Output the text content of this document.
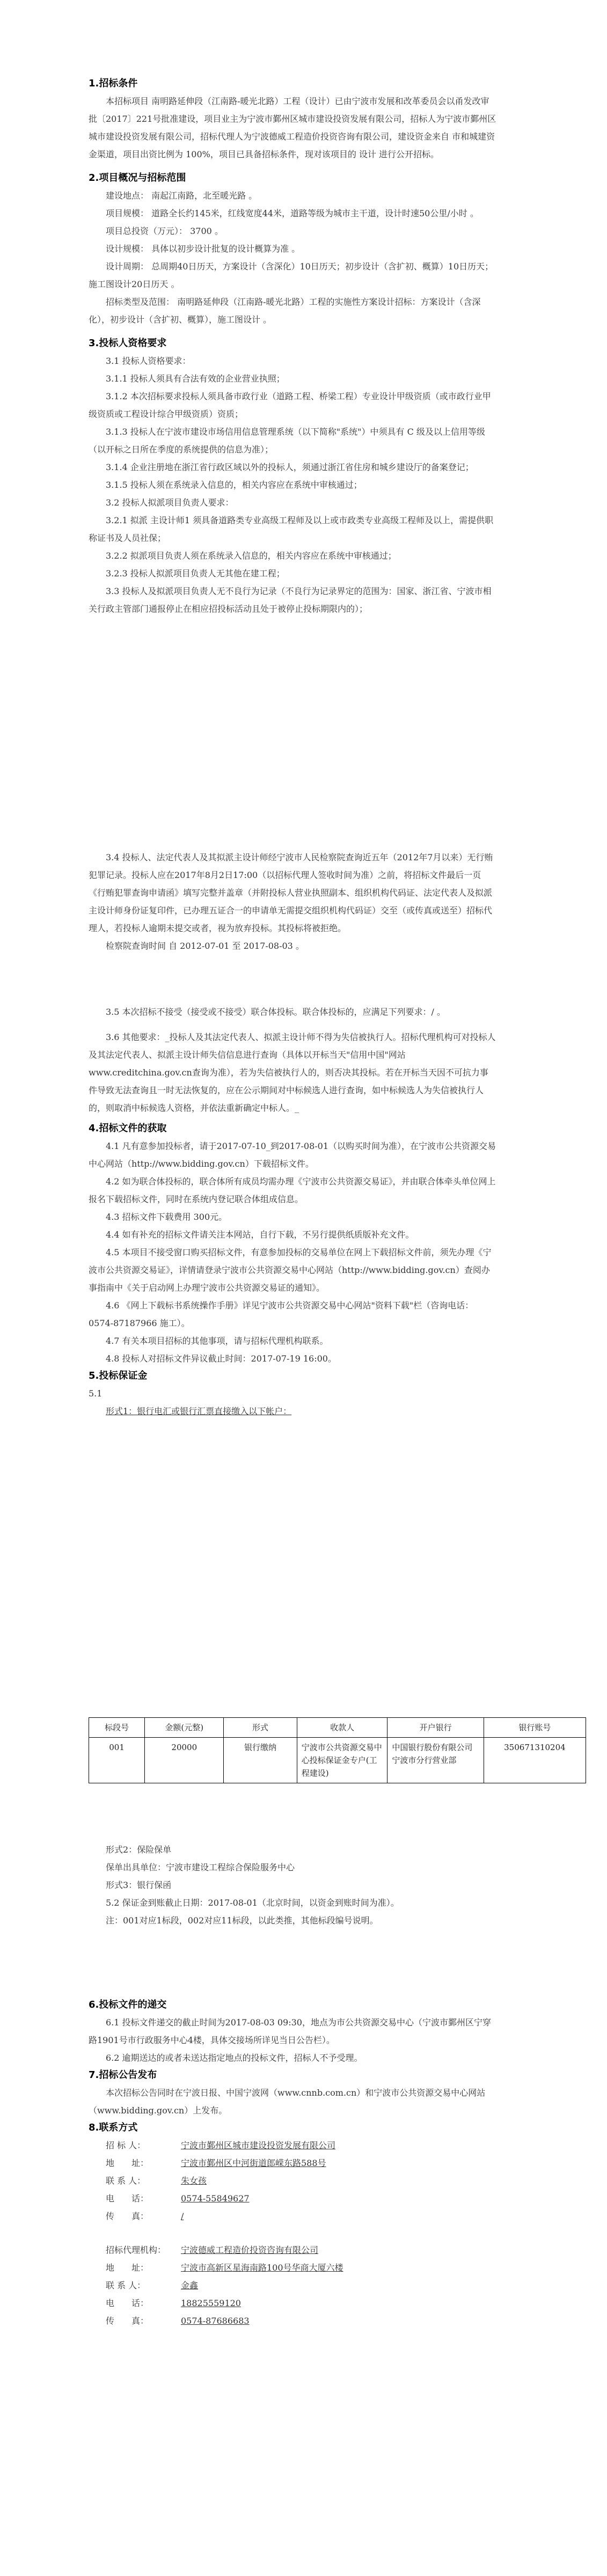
1.招标条件

本招标项目 南明路延伸段（江南路-暖光北路）工程（设计）已由宁波市发展和改革委员会以甬发改审批〔2017〕221号批准建设，项目业主为宁波市鄞州区城市建设投资发展有限公司，招标人为宁波市鄞州区城市建设投资发展有限公司，招标代理人为宁波德威工程造价投资咨询有限公司，建设资金来自 市和城建资金渠道，项目出资比例为 100%，项目已具备招标条件，现对该项目的 设计 进行公开招标。

2.项目概况与招标范围

建设地点： 南起江南路，北至暖光路 。

项目规模： 道路全长约145米，红线宽度44米，道路等级为城市主干道，设计时速50公里/小时 。

项目总投资（万元）： 3700 。

设计规模： 具体以初步设计批复的设计概算为准 。

设计周期： 总周期40日历天，方案设计（含深化）10日历天；初步设计（含扩初、概算）10日历天；施工图设计20日历天 。

招标类型及范围： 南明路延伸段（江南路-暖光北路）工程的实施性方案设计招标：方案设计（含深化），初步设计（含扩初、概算），施工图设计 。

3.投标人资格要求

3.1 投标人资格要求：

3.1.1 投标人须具有合法有效的企业营业执照；

3.1.2 本次招标要求投标人须具备市政行业（道路工程、桥梁工程）专业设计甲级资质（或市政行业甲级资质或工程设计综合甲级资质）资质；

3.1.3 投标人在宁波市建设市场信用信息管理系统（以下简称"系统"）中须具有 C 级及以上信用等级（以开标之日所在季度的系统提供的信息为准）；

3.1.4 企业注册地在浙江省行政区域以外的投标人，须通过浙江省住房和城乡建设厅的备案登记；

3.1.5 投标人须在系统录入信息的，相关内容应在系统中审核通过；

3.2 投标人拟派项目负责人要求：

3.2.1 拟派 主设计师1 须具备道路类专业高级工程师及以上或市政类专业高级工程师及以上，需提供职称证书及人员社保；

3.2.2 拟派项目负责人须在系统录入信息的，相关内容应在系统中审核通过；

3.2.3 投标人拟派项目负责人无其他在建工程；

3.3 投标人及拟派项目负责人无不良行为记录（不良行为记录界定的范围为：国家、浙江省、宁波市相关行政主管部门通报停止在相应招投标活动且处于被停止投标期限内的）；

3.4 投标人、法定代表人及其拟派主设计师经宁波市人民检察院查询近五年（2012年7月以来）无行贿犯罪记录。投标人应在2017年8月2日17:00（以招标代理人签收时间为准）之前，将招标文件最后一页《行贿犯罪查询申请函》填写完整并盖章（并附投标人营业执照副本、组织机构代码证、法定代表人及拟派主设计师身份证复印件，已办理五证合一的申请单无需提交组织机构代码证）交至（或传真或送至）招标代理人，若投标人逾期未提交或者，视为放弃投标。其投标将被拒绝。

检察院查询时间 自 2012-07-01 至 2017-08-03 。

3.5 本次招标不接受（接受或不接受）联合体投标。联合体投标的，应满足下列要求：/ 。

3.6 其他要求：_投标人及其法定代表人、拟派主设计师不得为失信被执行人。招标代理机构可对投标人及其法定代表人、拟派主设计师失信信息进行查询（具体以开标当天"信用中国"网站www.creditchina.gov.cn查询为准），若为失信被执行人的，则否决其投标。若在开标当天因不可抗力事件导致无法查询且一时无法恢复的，应在公示期间对中标候选人进行查询，如中标候选人为失信被执行人的，则取消中标候选人资格，并依法重新确定中标人。_

4.招标文件的获取

4.1 凡有意参加投标者，请于2017-07-10_到2017-08-01（以购买时间为准），在宁波市公共资源交易中心网站（http://www.bidding.gov.cn）下载招标文件。

4.2 如为联合体投标的，联合体所有成员均需办理《宁波市公共资源交易证》，并由联合体牵头单位网上报名下载招标文件，同时在系统内登记联合体组成信息。

4.3 招标文件下载费用 300元。

4.4 如有补充的招标文件请关注本网站，自行下载，不另行提供纸质版补充文件。

4.5 本项目不接受窗口购买招标文件，有意参加投标的交易单位在网上下载招标文件前，须先办理《宁波市公共资源交易证》，详情请登录宁波市公共资源交易中心网站（http://www.bidding.gov.cn）查阅办事指南中《关于启动网上办理宁波市公共资源交易证的通知》。

4.6 《网上下载标书系统操作手册》详见宁波市公共资源交易中心网站"资料下载"栏（咨询电话：0574-87187966 施工）。

4.7 有关本项目招标的其他事项，请与招标代理机构联系。

4.8 投标人对招标文件异议截止时间：2017-07-19 16:00。

5.投标保证金

5.1

形式1：银行电汇或银行汇票直接缴入以下帐户：

标段号	金额(元整)	形式	收款人	开户银行	银行账号
001	20000	银行缴纳	宁波市公共资源交易中心投标保证金专户(工程建设)	中国银行股份有限公司宁波市分行营业部	350671310204

形式2：保险保单

保单出具单位：宁波市建设工程综合保险服务中心

形式3：银行保函

5.2 保证金到账截止日期：2017-08-01（北京时间，以资金到账时间为准）。

注：001对应1标段，002对应11标段，以此类推，其他标段编号说明。

6.投标文件的递交

6.1 投标文件递交的截止时间为2017-08-03 09:30，地点为市公共资源交易中心（宁波市鄞州区宁穿路1901号市行政服务中心4楼，具体交接场所详见当日公告栏）。

6.2 逾期送达的或者未送达指定地点的投标文件，招标人不予受理。

7.招标公告发布

本次招标公告同时在宁波日报、中国宁波网（www.cnnb.com.cn）和宁波市公共资源交易中心网站（www.bidding.gov.cn）上发布。

8.联系方式
招 标 人：	宁波市鄞州区城市建设投资发展有限公司
地　　址：	宁波市鄞州区中河街道郎嵘东路588号
联 系 人：	朱女孩
电　　话：	0574-55849627
传　　真：	/
招标代理机构：	宁波德威工程造价投资咨询有限公司
地　　址：	宁波市高新区星海南路100号华商大厦六楼
联 系 人：	金鑫
电　　话：	18825559120
传　　真：	0574-87686683
